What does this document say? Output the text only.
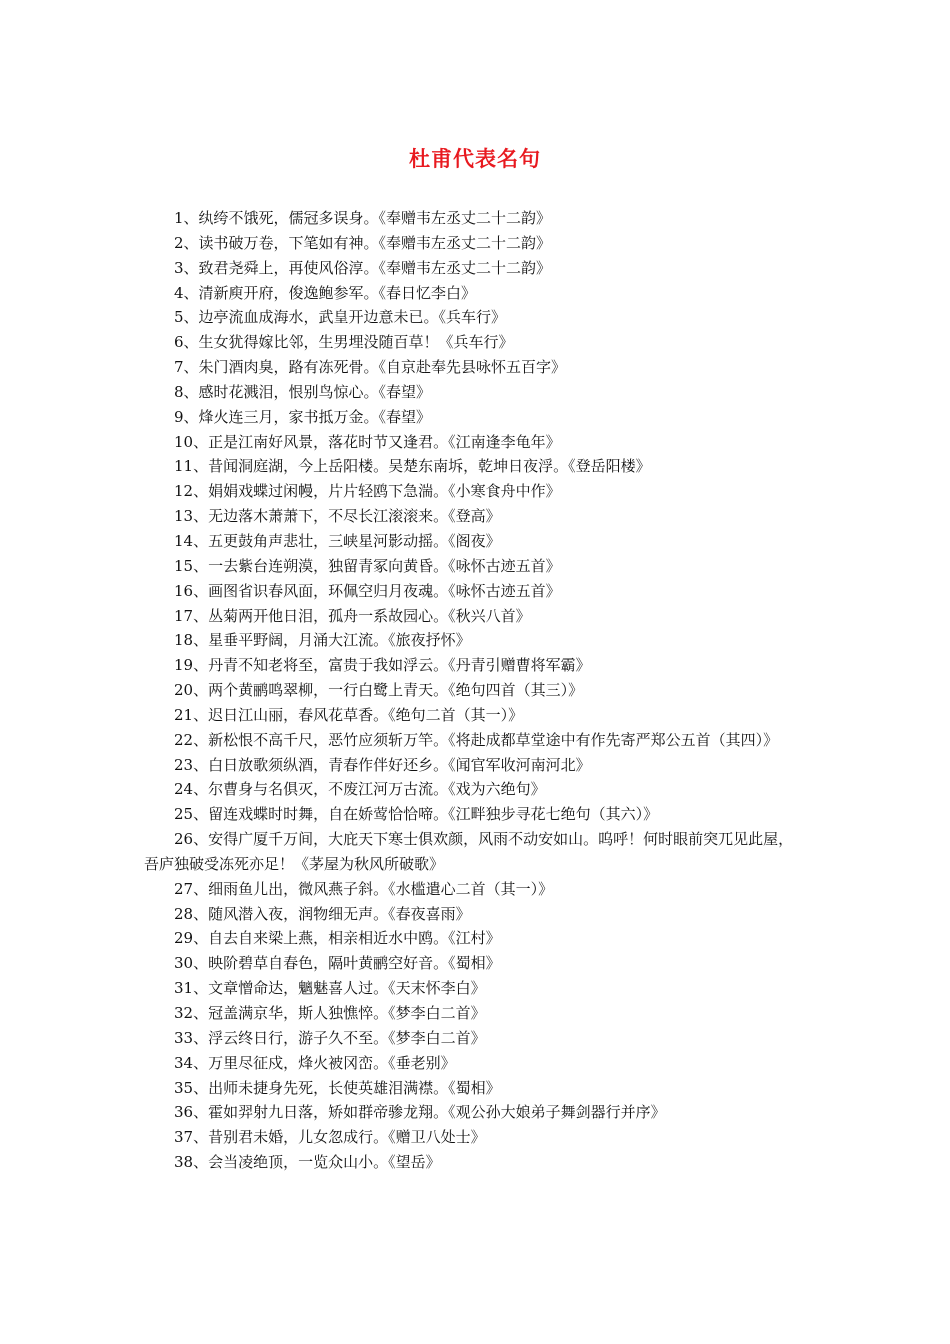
杜甫代表名句
1、纨绔不饿死，儒冠多误身。《奉赠韦左丞丈二十二韵》
2、读书破万卷，下笔如有神。《奉赠韦左丞丈二十二韵》
3、致君尧舜上，再使风俗淳。《奉赠韦左丞丈二十二韵》
4、清新庾开府，俊逸鲍参军。《春日忆李白》
5、边亭流血成海水，武皇开边意未已。《兵车行》
6、生女犹得嫁比邻，生男埋没随百草！《兵车行》
7、朱门酒肉臭，路有冻死骨。《自京赴奉先县咏怀五百字》
8、感时花溅泪，恨别鸟惊心。《春望》
9、烽火连三月，家书抵万金。《春望》
10、正是江南好风景，落花时节又逢君。《江南逢李龟年》
11、昔闻洞庭湖，今上岳阳楼。吴楚东南坼，乾坤日夜浮。《登岳阳楼》
12、娟娟戏蝶过闲幔，片片轻鸥下急湍。《小寒食舟中作》
13、无边落木萧萧下，不尽长江滚滚来。《登高》
14、五更鼓角声悲壮，三峡星河影动摇。《阁夜》
15、一去紫台连朔漠，独留青冢向黄昏。《咏怀古迹五首》
16、画图省识春风面，环佩空归月夜魂。《咏怀古迹五首》
17、丛菊两开他日泪，孤舟一系故园心。《秋兴八首》
18、星垂平野阔，月涌大江流。《旅夜抒怀》
19、丹青不知老将至，富贵于我如浮云。《丹青引赠曹将军霸》
20、两个黄鹂鸣翠柳，一行白鹭上青天。《绝句四首（其三）》
21、迟日江山丽，春风花草香。《绝句二首（其一）》
22、新松恨不高千尺，恶竹应须斩万竿。《将赴成都草堂途中有作先寄严郑公五首（其四）》
23、白日放歌须纵酒，青春作伴好还乡。《闻官军收河南河北》
24、尔曹身与名俱灭，不废江河万古流。《戏为六绝句》
25、留连戏蝶时时舞，自在娇莺恰恰啼。《江畔独步寻花七绝句（其六）》
26、安得广厦千万间，大庇天下寒士俱欢颜，风雨不动安如山。呜呼！何时眼前突兀见此屋，吾庐独破受冻死亦足！《茅屋为秋风所破歌》
27、细雨鱼儿出，微风燕子斜。《水槛遣心二首（其一）》
28、随风潜入夜，润物细无声。《春夜喜雨》
29、自去自来梁上燕，相亲相近水中鸥。《江村》
30、映阶碧草自春色，隔叶黄鹂空好音。《蜀相》
31、文章憎命达，魑魅喜人过。《天末怀李白》
32、冠盖满京华，斯人独憔悴。《梦李白二首》
33、浮云终日行，游子久不至。《梦李白二首》
34、万里尽征戍，烽火被冈峦。《垂老别》
35、出师未捷身先死，长使英雄泪满襟。《蜀相》
36、霍如羿射九日落，矫如群帝骖龙翔。《观公孙大娘弟子舞剑器行并序》
37、昔别君未婚，儿女忽成行。《赠卫八处士》
38、会当凌绝顶，一览众山小。《望岳》
